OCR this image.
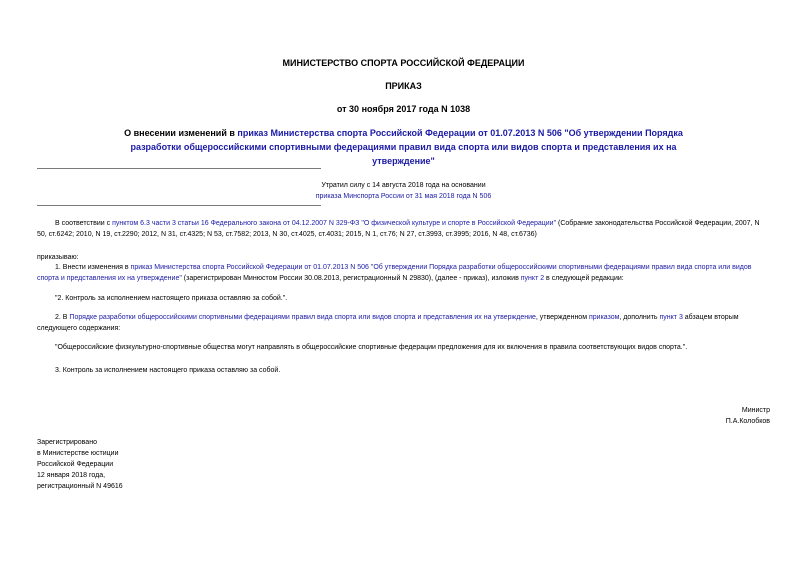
МИНИСТЕРСТВО СПОРТА РОССИЙСКОЙ ФЕДЕРАЦИИ
ПРИКАЗ
от 30 ноября 2017 года N 1038
О внесении изменений в приказ Министерства спорта Российской Федерации от 01.07.2013 N 506 "Об утверждении Порядка разработки общероссийскими спортивными федерациями правил вида спорта или видов спорта и представления их на утверждение"
Утратил силу с 14 августа 2018 года на основании
приказа Минспорта России от 31 мая 2018 года N 506
В соответствии с пунктом 6.3 части 3 статьи 16 Федерального закона от 04.12.2007 N 329-ФЗ "О физической культуре и спорте в Российской Федерации" (Собрание законодательства Российской Федерации, 2007, N 50, ст.6242; 2010, N 19, ст.2290; 2012, N 31, ст.4325; N 53, ст.7582; 2013, N 30, ст.4025, ст.4031; 2015, N 1, ст.76; N 27, ст.3993, ст.3995; 2016, N 48, ст.6736)
приказываю:
1. Внести изменения в приказ Министерства спорта Российской Федерации от 01.07.2013 N 506 "Об утверждении Порядка разработки общероссийскими спортивными федерациями правил вида спорта или видов спорта и представления их на утверждение" (зарегистрирован Минюстом России 30.08.2013, регистрационный N 29830), (далее - приказ), изложив пункт 2 в следующей редакции:
"2. Контроль за исполнением настоящего приказа оставляю за собой.".
2. В Порядке разработки общероссийскими спортивными федерациями правил вида спорта или видов спорта и представления их на утверждение, утвержденном приказом, дополнить пункт 3 абзацем вторым следующего содержания:
"Общероссийские физкультурно-спортивные общества могут направлять в общероссийские спортивные федерации предложения для их включения в правила соответствующих видов спорта.".
3. Контроль за исполнением настоящего приказа оставляю за собой.
Министр
П.А.Колобков
Зарегистрировано
в Министерстве юстиции
Российской Федерации
12 января 2018 года,
регистрационный N 49616
